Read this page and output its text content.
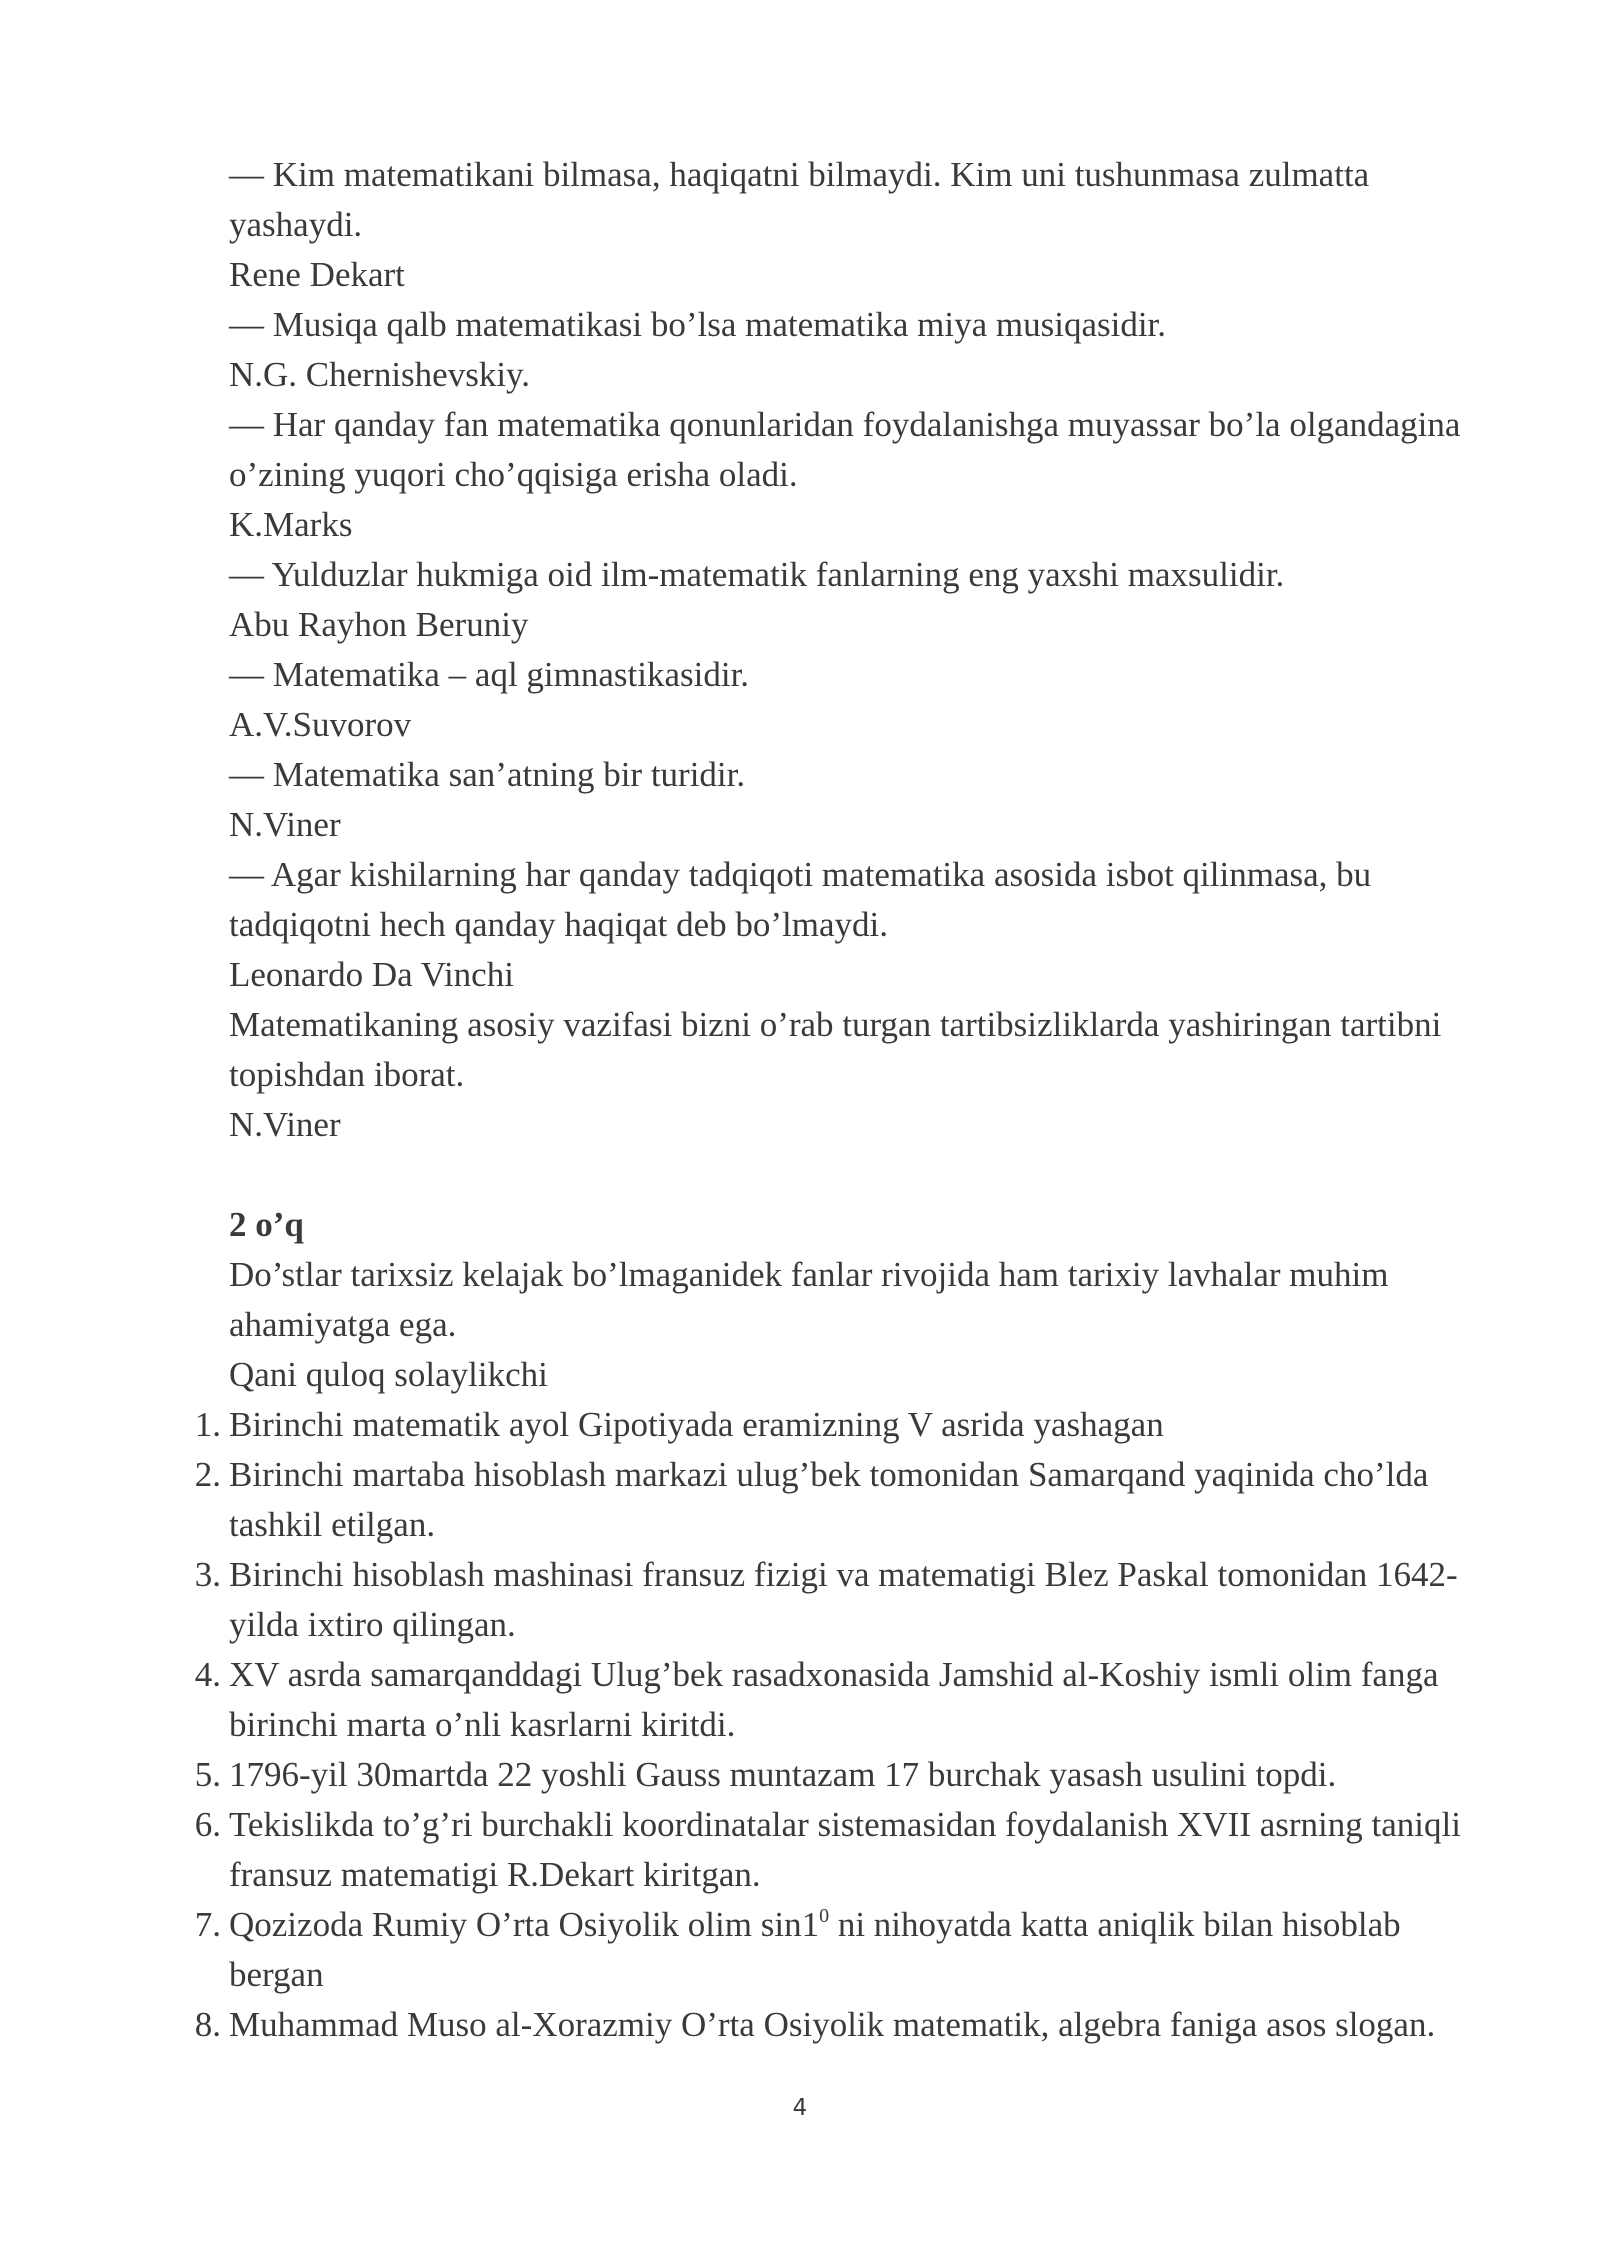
— Kim matematikani bilmasa, haqiqatni bilmaydi. Kim uni tushunmasa zulmatta yashaydi.

Rene Dekart

— Musiqa qalb matematikasi bo’lsa matematika miya musiqasidir.

N.G. Chernishevskiy.

— Har qanday fan matematika qonunlaridan foydalanishga muyassar bo’la olgandagina o’zining yuqori cho’qqisiga erisha oladi.

K.Marks

— Yulduzlar hukmiga oid ilm-matematik fanlarning eng yaxshi maxsulidir.

Abu Rayhon Beruniy

— Matematika – aql gimnastikasidir.

A.V.Suvorov

— Matematika san’atning bir turidir.

N.Viner

— Agar kishilarning har qanday tadqiqoti matematika asosida isbot qilinmasa, bu tadqiqotni hech qanday haqiqat deb bo’lmaydi.

Leonardo Da Vinchi

Matematikaning asosiy vazifasi bizni o’rab turgan tartibsizliklarda yashiringan tartibni topishdan iborat.

N.Viner

2 o’q

Do’stlar tarixsiz kelajak bo’lmaganidek fanlar rivojida ham tarixiy lavhalar muhim ahamiyatga ega.

Qani quloq solaylikchi

1. Birinchi matematik ayol Gipotiyada eramizning V asrida yashagan
2. Birinchi martaba hisoblash markazi ulug’bek tomonidan Samarqand yaqinida cho’lda tashkil etilgan.
3. Birinchi hisoblash mashinasi fransuz fizigi va matematigi Blez Paskal tomonidan 1642-yilda ixtiro qilingan.
4. XV asrda samarqanddagi Ulug’bek rasadxonasida Jamshid al-Koshiy ismli olim fanga birinchi marta o’nli kasrlarni kiritdi.
5. 1796-yil 30martda 22 yoshli Gauss muntazam 17 burchak yasash usulini topdi.
6. Tekislikda to’g’ri burchakli koordinatalar sistemasidan foydalanish XVII asrning taniqli fransuz matematigi R.Dekart kiritgan.
7. Qozizoda Rumiy O’rta Osiyolik olim $\sin 1^0$ ni nihoyatda katta aniqlik bilan hisoblab bergan
8. Muhammad Muso al-Xorazmiy O’rta Osiyolik matematik, algebra faniga asos slogan.
4
